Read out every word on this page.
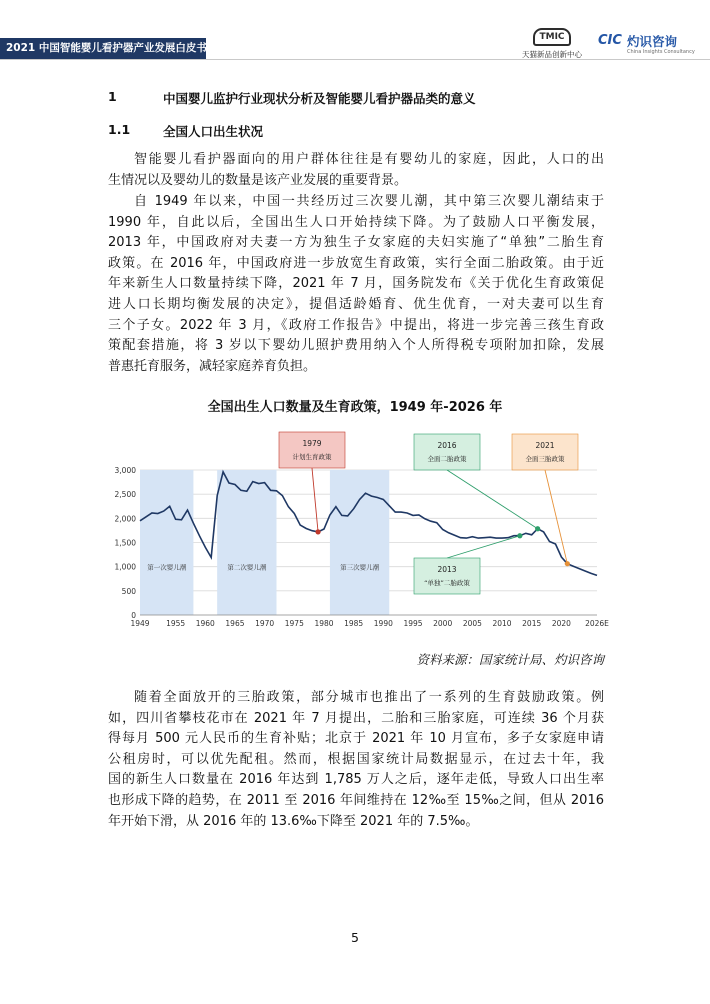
2021 中国智能婴儿看护器产业发展白皮书
TMIC
天猫新品创新中心
CIC 灼识咨询
China Insights Consultancy
1	中国婴儿监护行业现状分析及智能婴儿看护器品类的意义
1.1	全国人口出生状况
智能婴儿看护器面向的用户群体往往是有婴幼儿的家庭，因此，人口的出
生情况以及婴幼儿的数量是该产业发展的重要背景。
自 1949 年以来，中国一共经历过三次婴儿潮，其中第三次婴儿潮结束于
1990 年，自此以后，全国出生人口开始持续下降。为了鼓励人口平衡发展，
2013 年，中国政府对夫妻一方为独生子女家庭的夫妇实施了“单独”二胎生育
政策。在 2016 年，中国政府进一步放宽生育政策，实行全面二胎政策。由于近
年来新生人口数量持续下降，2021 年 7 月，国务院发布《关于优化生育政策促
进人口长期均衡发展的决定》，提倡适龄婚育、优生优育，一对夫妻可以生育
三个子女。2022 年 3 月，《政府工作报告》中提出，将进一步完善三孩生育政
策配套措施，将 3 岁以下婴幼儿照护费用纳入个人所得税专项附加扣除，发展
普惠托育服务，减轻家庭养育负担。
全国出生人口数量及生育政策，1949 年-2026 年
第一次婴儿潮	第二次婴儿潮	第三次婴儿潮
0
500
1,000
1,500
2,000
2,500
3,000
1949 1955 1960 1965 1970 1975 1980 1985 1990 1995 2000 2005 2010 2015 2020 2026E
1979
计划生育政策
2016
全面二胎政策
2021
全面三胎政策
2013
“单独”二胎政策
资料来源：国家统计局、灼识咨询
随着全面放开的三胎政策，部分城市也推出了一系列的生育鼓励政策。例
如，四川省攀枝花市在 2021 年 7 月提出，二胎和三胎家庭，可连续 36 个月获
得每月 500 元人民币的生育补贴；北京于 2021 年 10 月宣布，多子女家庭申请
公租房时，可以优先配租。然而，根据国家统计局数据显示，在过去十年，我
国的新生人口数量在 2016 年达到 1,785 万人之后，逐年走低，导致人口出生率
也形成下降的趋势，在 2011 至 2016 年间维持在 12‰至 15‰之间，但从 2016
年开始下滑，从 2016 年的 13.6‰下降至 2021 年的 7.5‰。
5
